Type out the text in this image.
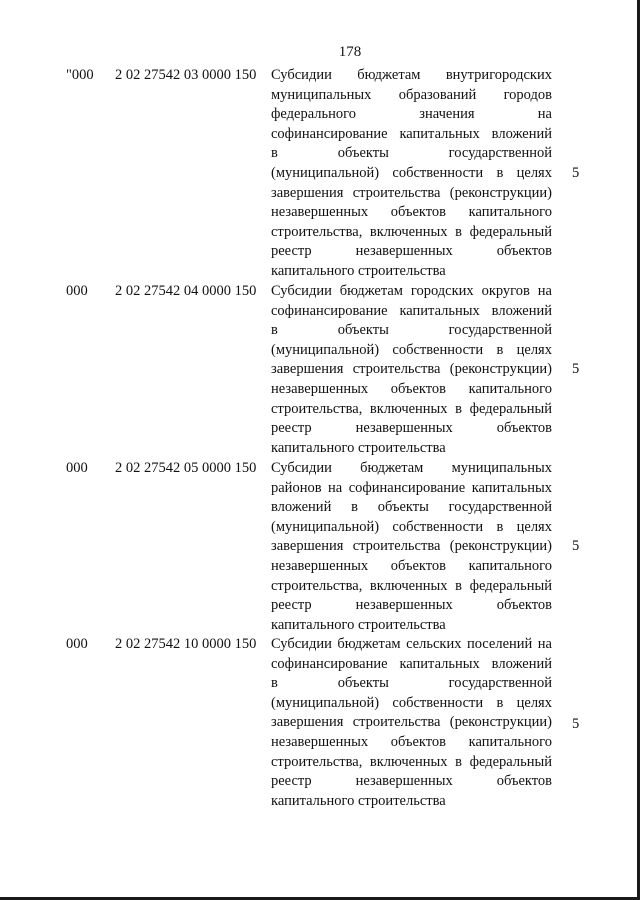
178
"000 2 02 27542 03 0000 150 Субсидии бюджетам внутригородских
муниципальных образований городов
федерального	значения	на
софинансирование капитальных вложений
в	объекты	государственной
(муниципальной) собственности в целях
завершения строительства (реконструкции)
незавершенных объектов капитального
строительства, включенных в федеральный
реестр	незавершенных	объектов
капитального строительства
5
000 2 02 27542 04 0000 150 Субсидии бюджетам городских округов на
софинансирование капитальных вложений
в	объекты	государственной
(муниципальной) собственности в целях
завершения строительства (реконструкции)
незавершенных объектов капитального
строительства, включенных в федеральный
реестр	незавершенных	объектов
капитального строительства
5
000 2 02 27542 05 0000 150 Субсидии бюджетам муниципальных
районов на софинансирование капитальных
вложений в объекты государственной
(муниципальной) собственности в целях
завершения строительства (реконструкции)
незавершенных объектов капитального
строительства, включенных в федеральный
реестр	незавершенных	объектов
капитального строительства
5
000 2 02 27542 10 0000 150 Субсидии бюджетам сельских поселений на
софинансирование капитальных вложений
в	объекты	государственной
(муниципальной) собственности в целях
завершения строительства (реконструкции)
незавершенных объектов капитального
строительства, включенных в федеральный
реестр	незавершенных	объектов
капитального строительства
5
